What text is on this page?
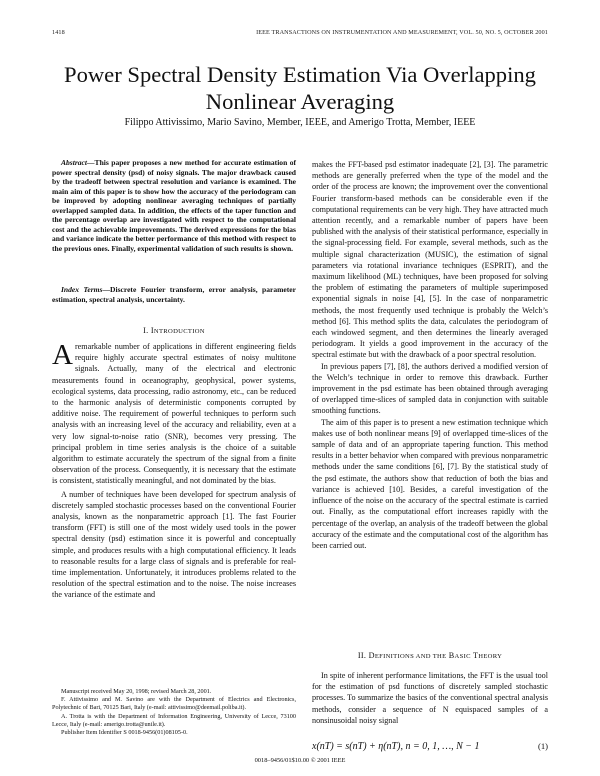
1418	IEEE TRANSACTIONS ON INSTRUMENTATION AND MEASUREMENT, VOL. 50, NO. 5, OCTOBER 2001
Power Spectral Density Estimation Via Overlapping
Nonlinear Averaging
Filippo Attivissimo, Mario Savino, Member, IEEE, and Amerigo Trotta, Member, IEEE

Abstract—This paper proposes a new method for accurate estimation of power spectral density (psd) of noisy signals. The major drawback caused by the tradeoff between spectral resolution and variance is examined. The main aim of this paper is to show how the accuracy of the periodogram can be improved by adopting nonlinear averaging techniques of partially overlapped sampled data. In addition, the effects of the taper function and the percentage overlap are investigated with respect to the computational cost and the achievable improvements. The derived expressions for the bias and variance indicate the better performance of this method with respect to the previous ones. Finally, experimental validation of such results is shown.

Index Terms—Discrete Fourier transform, error analysis, parameter estimation, spectral analysis, uncertainty.

I. INTRODUCTION

Aremarkable number of applications in different engineering fields require highly accurate spectral estimates of noisy multitone signals. Actually, many of the electrical and electronic measurements found in oceanography, geophysical, power systems, ecological systems, data processing, radio astronomy, etc., can be reduced to the harmonic analysis of deterministic components corrupted by additive noise. The requirement of powerful techniques to perform such analysis with an increasing level of the accuracy and reliability, even at a very low signal-to-noise ratio (SNR), becomes very pressing. The principal problem in time series analysis is the choice of a suitable algorithm to estimate accurately the spectrum of the signal from a finite observation of the process. Consequently, it is necessary that the estimate is consistent, statistically meaningful, and not dominated by the bias.

A number of techniques have been developed for spectrum analysis of discretely sampled stochastic processes based on the conventional Fourier analysis, known as the nonparametric approach [1]. The fast Fourier transform (FFT) is still one of the most widely used tools in the power spectral density (psd) estimation since it is powerful and conceptually simple, and produces results with a high computational efficiency. It leads to reasonable results for a large class of signals and is preferable for real-time implementation. Unfortunately, it introduces problems related to the resolution of the spectral estimation and to the noise. The noise increases the variance of the estimate and

Manuscript received May 20, 1998; revised March 28, 2001.

F. Attivissimo and M. Savino are with the Department of Electrics and Electronics, Polytechnic of Bari, 70125 Bari, Italy (e-mail: attivissimo@deemail.poliba.it).

A. Trotta is with the Department of Information Engineering, University of Lecce, 73100 Lecce, Italy (e-mail: amerigo.trotta@unile.it).

Publisher Item Identifier S 0018-9456(01)08105-0.

makes the FFT-based psd estimator inadequate [2], [3]. The parametric methods are generally preferred when the type of the model and the order of the process are known; the improvement over the conventional Fourier transform-based methods can be considerable even if the computational requirements can be very high. They have attracted much attention recently, and a remarkable number of papers have been published with the analysis of their statistical performance, especially in the signal-processing field. For example, several methods, such as the multiple signal characterization (MUSIC), the estimation of signal parameters via rotational invariance techniques (ESPRIT), and the maximum likelihood (ML) techniques, have been proposed for solving the problem of estimating the parameters of multiple superimposed exponential signals in noise [4], [5]. In the case of nonparametric methods, the most frequently used technique is probably the Welch’s method [6]. This method splits the data, calculates the periodogram of each windowed segment, and then determines the linearly averaged periodogram. It yields a good improvement in the accuracy of the spectral estimate but with the drawback of a poor spectral resolution.

In previous papers [7], [8], the authors derived a modified version of the Welch’s technique in order to remove this drawback. Further improvement in the psd estimate has been obtained through averaging of overlapped time-slices of sampled data in conjunction with suitable smoothing functions.

The aim of this paper is to present a new estimation technique which makes use of both nonlinear means [9] of overlapped time-slices of the sample of data and of an appropriate tapering function. This method results in a better behavior when compared with previous nonparametric methods under the same conditions [6], [7]. By the statistical study of the psd estimate, the authors show that reduction of both the bias and variance is achieved [10]. Besides, a careful investigation of the influence of the noise on the accuracy of the spectral estimate is carried out. Finally, as the computational effort increases rapidly with the percentage of the overlap, an analysis of the tradeoff between the global accuracy of the estimate and the computational cost of the algorithm has been carried out.

II. DEFINITIONS AND THE BASIC THEORY

In spite of inherent performance limitations, the FFT is the usual tool for the estimation of psd functions of discretely sampled stochastic processes. To summarize the basics of the conventional spectral analysis methods, consider a sequence of N equispaced samples of a nonsinusoidal noisy signal

x(nT) = s(nT) + η(nT), n = 0, 1, …, N − 1	(1)
0018–9456/01$10.00 © 2001 IEEE
